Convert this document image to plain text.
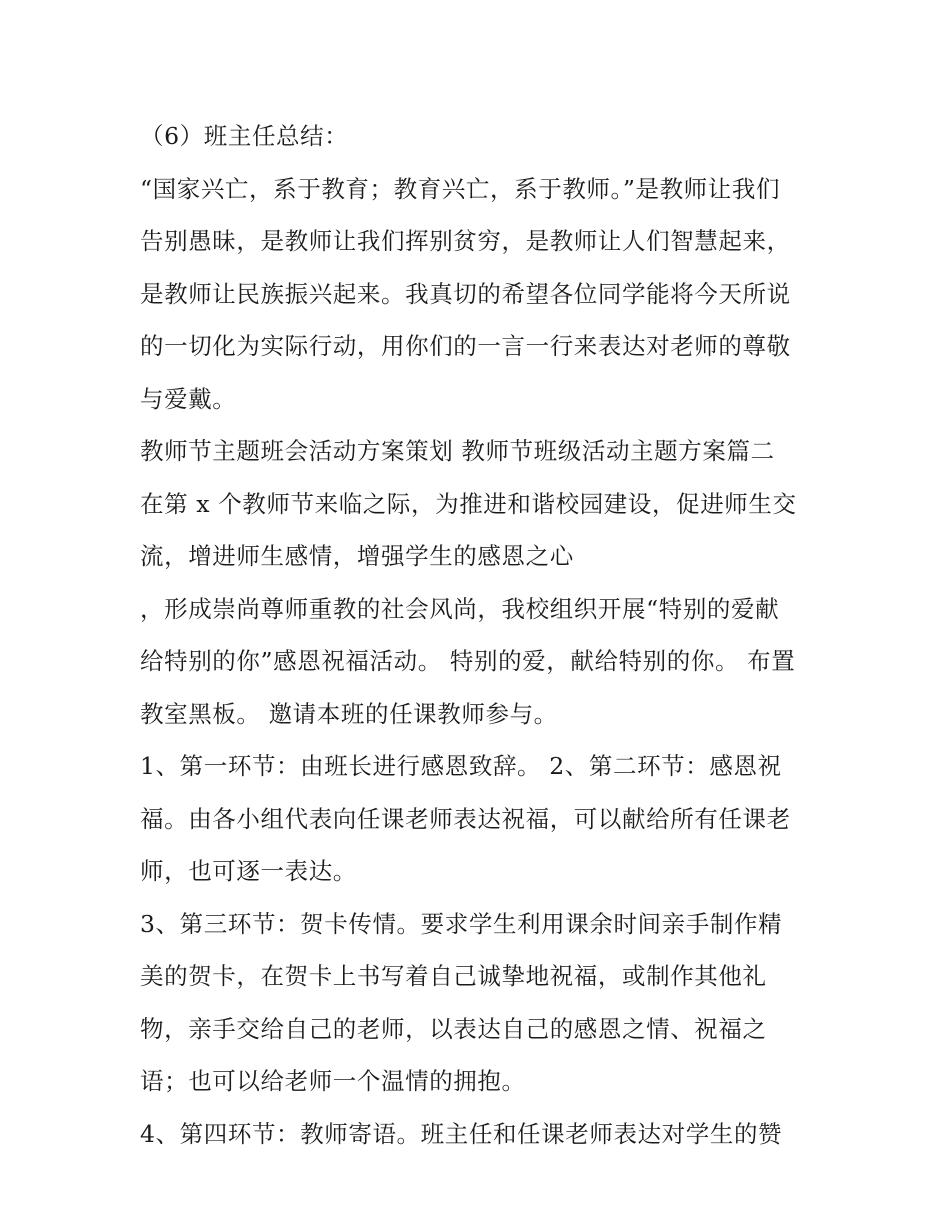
（6）班主任总结：
“国家兴亡，系于教育；教育兴亡，系于教师。”是教师让我们
告别愚昧，是教师让我们挥别贫穷，是教师让人们智慧起来，
是教师让民族振兴起来。我真切的希望各位同学能将今天所说
的一切化为实际行动，用你们的一言一行来表达对老师的尊敬
与爱戴。
教师节主题班会活动方案策划 教师节班级活动主题方案篇二
在第 x 个教师节来临之际，为推进和谐校园建设，促进师生交
流，增进师生感情，增强学生的感恩之心
，形成崇尚尊师重教的社会风尚，我校组织开展“特别的爱献
给特别的你”感恩祝福活动。 特别的爱，献给特别的你。 布置
教室黑板。 邀请本班的任课教师参与。
1、第一环节：由班长进行感恩致辞。 2、第二环节：感恩祝
福。由各小组代表向任课老师表达祝福，可以献给所有任课老
师，也可逐一表达。
3、第三环节：贺卡传情。要求学生利用课余时间亲手制作精
美的贺卡，在贺卡上书写着自己诚挚地祝福，或制作其他礼
物，亲手交给自己的老师，以表达自己的感恩之情、祝福之
语；也可以给老师一个温情的拥抱。
4、第四环节：教师寄语。班主任和任课老师表达对学生的赞
